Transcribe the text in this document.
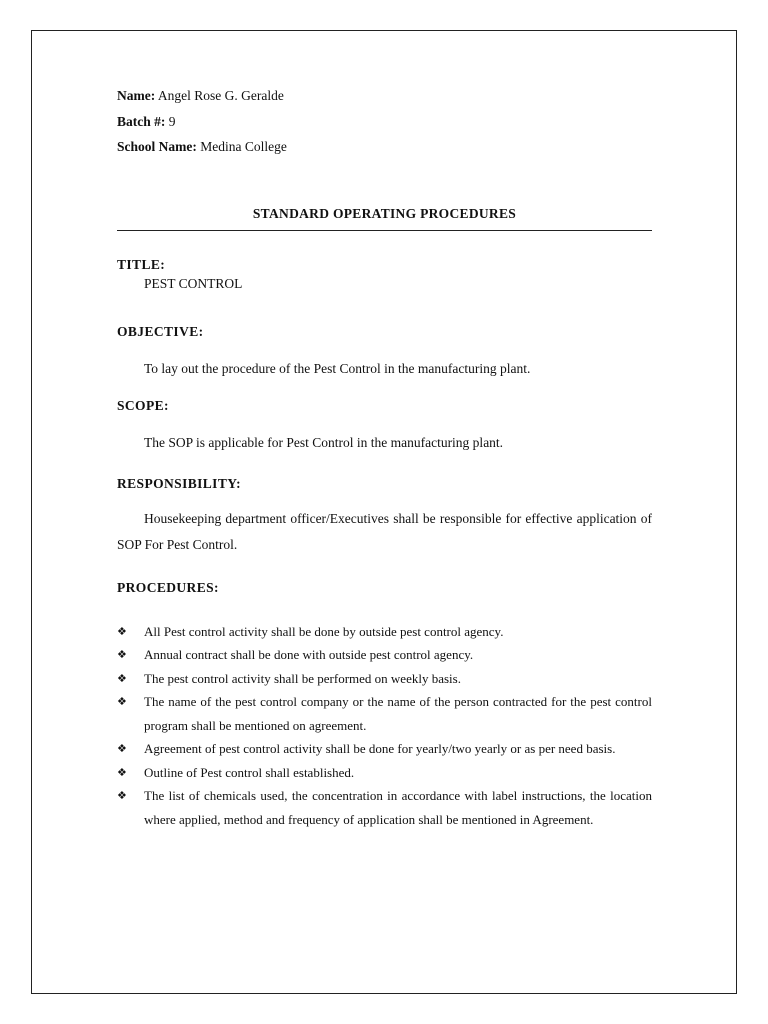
Name: Angel Rose G. Geralde
Batch #: 9
School Name: Medina College
STANDARD OPERATING PROCEDURES
TITLE:
PEST CONTROL
OBJECTIVE:
To lay out the procedure of the Pest Control in the manufacturing plant.
SCOPE:
The SOP is applicable for Pest Control in the manufacturing plant.
RESPONSIBILITY:
Housekeeping department officer/Executives shall be responsible for effective application of SOP For Pest Control.
PROCEDURES:
❖ All Pest control activity shall be done by outside pest control agency.
❖ Annual contract shall be done with outside pest control agency.
❖ The pest control activity shall be performed on weekly basis.
❖ The name of the pest control company or the name of the person contracted for the pest control program shall be mentioned on agreement.
❖ Agreement of pest control activity shall be done for yearly/two yearly or as per need basis.
❖ Outline of Pest control shall established.
❖ The list of chemicals used, the concentration in accordance with label instructions, the location where applied, method and frequency of application shall be mentioned in Agreement.
